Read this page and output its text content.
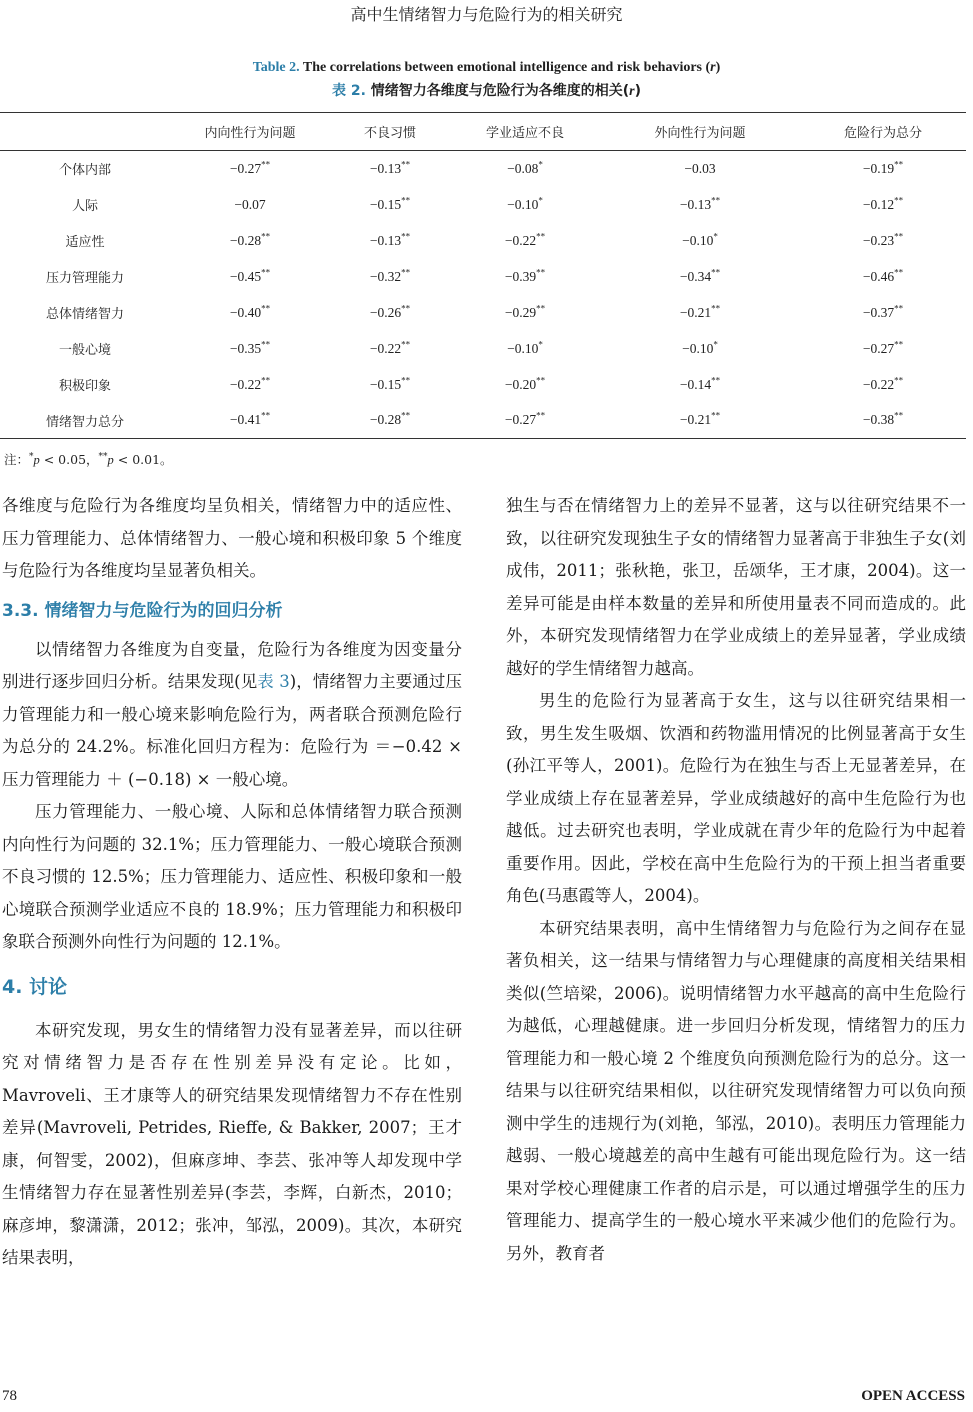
高中生情绪智力与危险行为的相关研究
Table 2. The correlations between emotional intelligence and risk behaviors (r)
表 2. 情绪智力各维度与危险行为各维度的相关(r)
	内向性行为问题	不良习惯	学业适应不良	外向性行为问题	危险行为总分
个体内部	−0.27**	−0.13**	−0.08*	−0.03	−0.19**
人际	−0.07	−0.15**	−0.10*	−0.13**	−0.12**
适应性	−0.28**	−0.13**	−0.22**	−0.10*	−0.23**
压力管理能力	−0.45**	−0.32**	−0.39**	−0.34**	−0.46**
总体情绪智力	−0.40**	−0.26**	−0.29**	−0.21**	−0.37**
一般心境	−0.35**	−0.22**	−0.10*	−0.10*	−0.27**
积极印象	−0.22**	−0.15**	−0.20**	−0.14**	−0.22**
情绪智力总分	−0.41**	−0.28**	−0.27**	−0.21**	−0.38**
注：*p < 0.05，**p < 0.01。

各维度与危险行为各维度均呈负相关，情绪智力中的适应性、压力管理能力、总体情绪智力、一般心境和积极印象 5 个维度与危险行为各维度均呈显著负相关。

3.3. 情绪智力与危险行为的回归分析

以情绪智力各维度为自变量，危险行为各维度为因变量分别进行逐步回归分析。结果发现(见表 3)，情绪智力主要通过压力管理能力和一般心境来影响危险行为，两者联合预测危险行为总分的 24.2%。标准化回归方程为：危险行为 ＝−0.42 × 压力管理能力 ＋ (−0.18) × 一般心境。

压力管理能力、一般心境、人际和总体情绪智力联合预测内向性行为问题的 32.1%；压力管理能力、一般心境联合预测不良习惯的 12.5%；压力管理能力、适应性、积极印象和一般心境联合预测学业适应不良的 18.9%；压力管理能力和积极印象联合预测外向性行为问题的 12.1%。

4. 讨论

本研究发现，男女生的情绪智力没有显著差异，而以往研究对情绪智力是否存在性别差异没有定论。比如，Mavroveli、王才康等人的研究结果发现情绪智力不存在性别差异(Mavroveli, Petrides, Rieffe, & Bakker, 2007；王才康，何智雯，2002)，但麻彦坤、李芸、张冲等人却发现中学生情绪智力存在显著性别差异(李芸，李辉，白新杰，2010；麻彦坤，黎潇潇，2012；张冲，邹泓，2009)。其次，本研究结果表明，

独生与否在情绪智力上的差异不显著，这与以往研究结果不一致，以往研究发现独生子女的情绪智力显著高于非独生子女(刘成伟，2011；张秋艳，张卫，岳颂华，王才康，2004)。这一差异可能是由样本数量的差异和所使用量表不同而造成的。此外，本研究发现情绪智力在学业成绩上的差异显著，学业成绩越好的学生情绪智力越高。

男生的危险行为显著高于女生，这与以往研究结果相一致，男生发生吸烟、饮酒和药物滥用情况的比例显著高于女生(孙江平等人，2001)。危险行为在独生与否上无显著差异，在学业成绩上存在显著差异，学业成绩越好的高中生危险行为也越低。过去研究也表明，学业成就在青少年的危险行为中起着重要作用。因此，学校在高中生危险行为的干预上担当者重要角色(马惠霞等人，2004)。

本研究结果表明，高中生情绪智力与危险行为之间存在显著负相关，这一结果与情绪智力与心理健康的高度相关结果相类似(竺培梁，2006)。说明情绪智力水平越高的高中生危险行为越低，心理越健康。进一步回归分析发现，情绪智力的压力管理能力和一般心境 2 个维度负向预测危险行为的总分。这一结果与以往研究结果相似，以往研究发现情绪智力可以负向预测中学生的违规行为(刘艳，邹泓，2010)。表明压力管理能力越弱、一般心境越差的高中生越有可能出现危险行为。这一结果对学校心理健康工作者的启示是，可以通过增强学生的压力管理能力、提高学生的一般心境水平来减少他们的危险行为。另外，教育者

78	OPEN ACCESS
